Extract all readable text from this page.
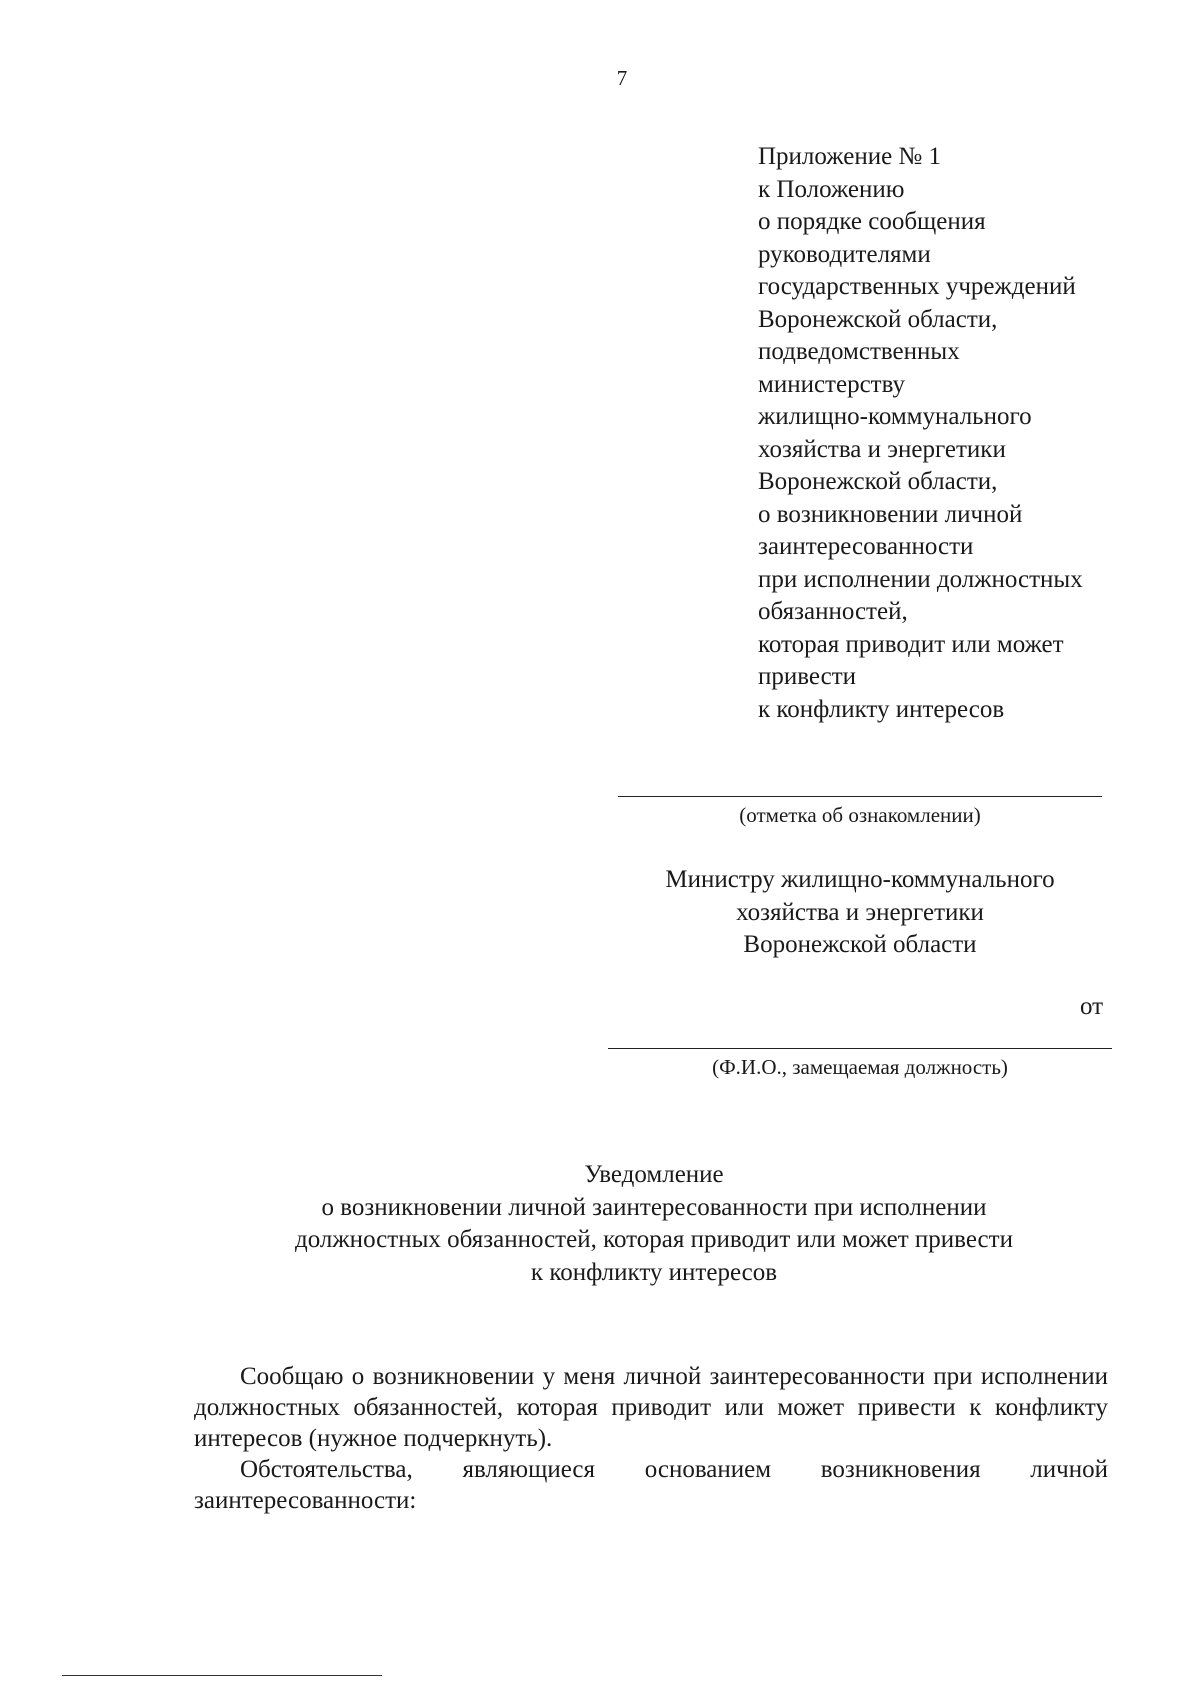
7
Приложение № 1
к Положению
о порядке сообщения
руководителями
государственных учреждений
Воронежской области,
подведомственных
министерству
жилищно-коммунального
хозяйства и энергетики
Воронежской области,
о возникновении личной
заинтересованности
при исполнении должностных
обязанностей,
которая приводит или может
привести
к конфликту интересов
(отметка об ознакомлении)
Министру жилищно-коммунального
хозяйства и энергетики
Воронежской области
от
(Ф.И.О., замещаемая должность)
Уведомление
о возникновении личной заинтересованности при исполнении
должностных обязанностей, которая приводит или может привести
к конфликту интересов

Сообщаю о возникновении у меня личной заинтересованности при исполнении должностных обязанностей, которая приводит или может привести к конфликту интересов (нужное подчеркнуть).

Обстоятельства, являющиеся основанием возникновения личной заинтересованности:
